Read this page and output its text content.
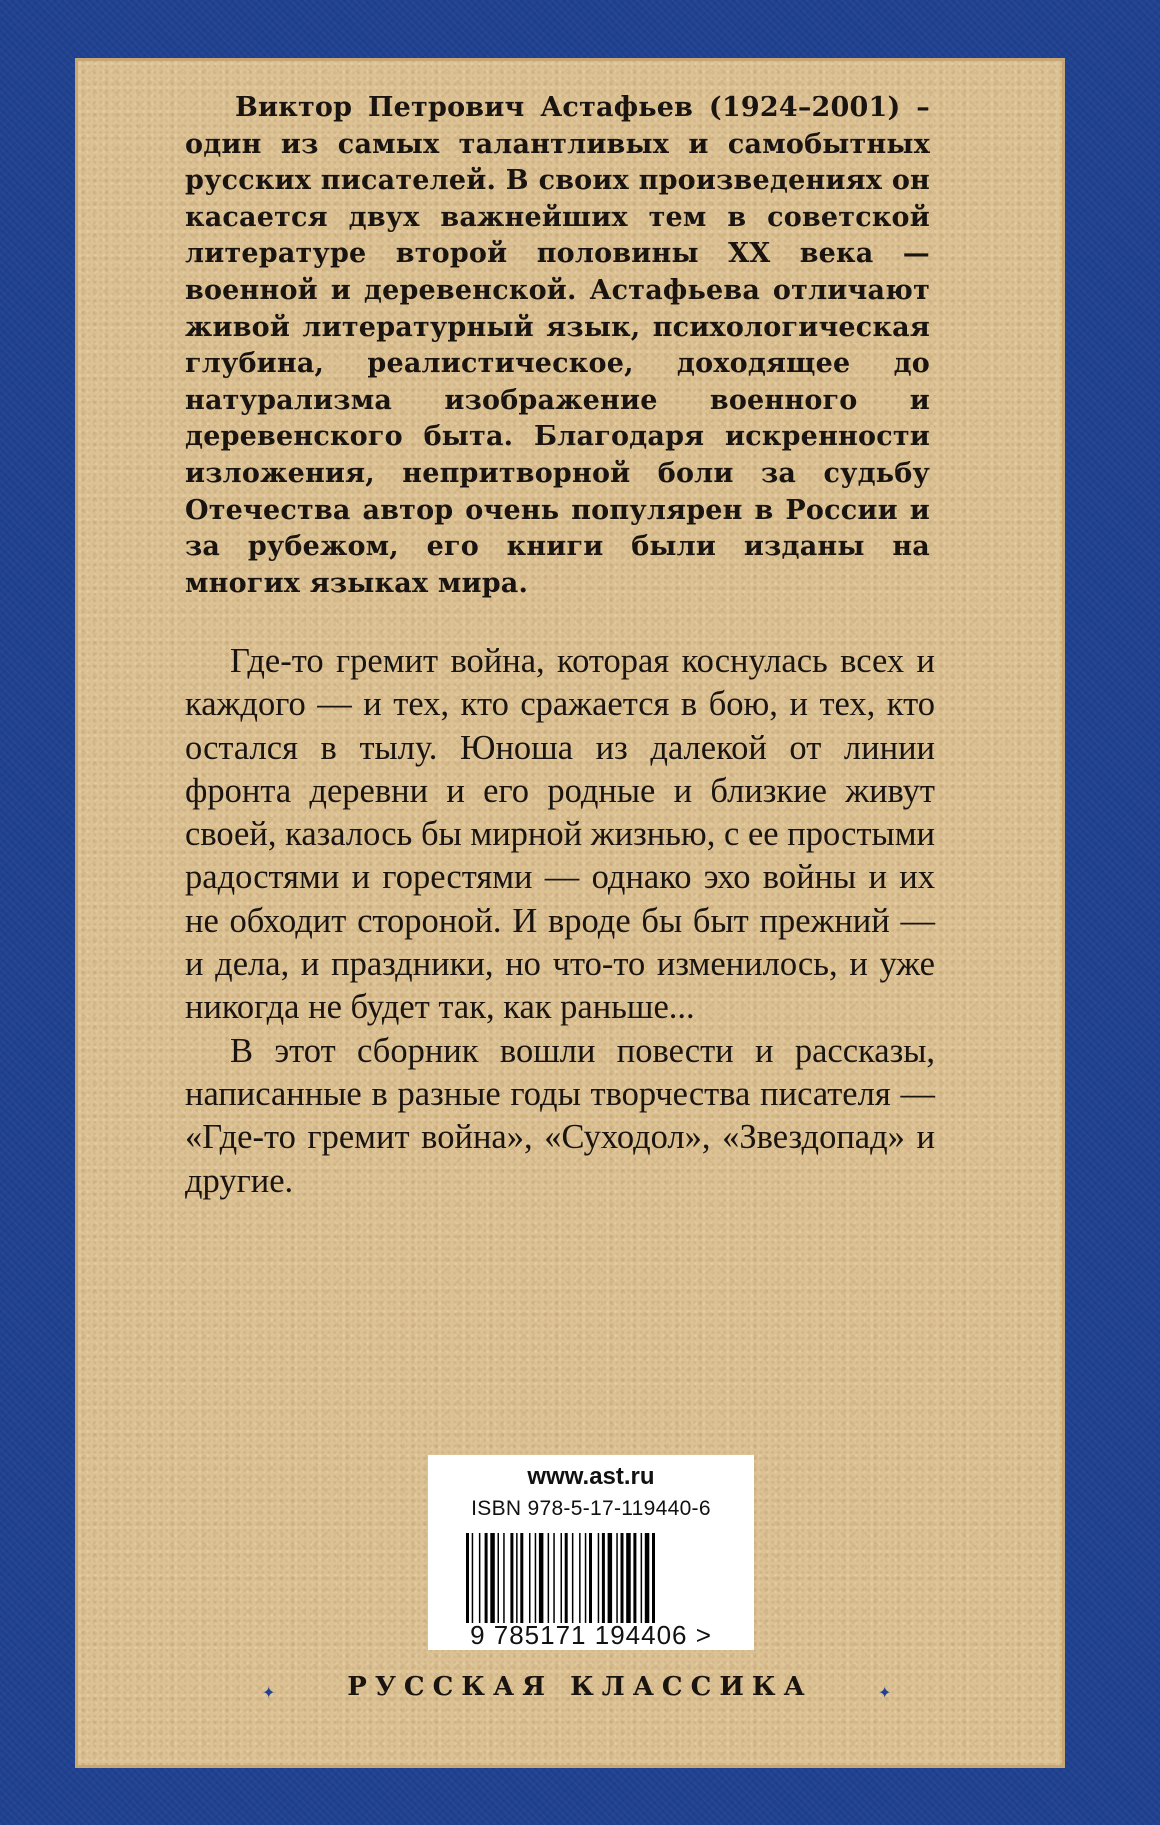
Виктор Петрович Астафьев (1924–2001) – один из самых талантливых и самобытных русских писателей. В своих произведениях он касается двух важнейших тем в советской литературе второй половины XX века — военной и деревенской. Астафьева отличают живой литературный язык, психологическая глубина, реалистическое, доходящее до натурализма изображение военного и деревенского быта. Благодаря искренности изложения, непритворной боли за судьбу Отечества автор очень популярен в России и за рубежом, его книги были изданы на многих языках мира.

Где-то гремит война, которая коснулась всех и каждого — и тех, кто сражается в бою, и тех, кто остался в тылу. Юноша из далекой от линии фронта деревни и его родные и близкие живут своей, казалось бы мирной жизнью, с ее простыми радостями и горестями — однако эхо войны и их не обходит стороной. И вроде бы быт прежний — и дела, и праздники, но что-то изменилось, и уже никогда не будет так, как раньше...

В этот сборник вошли повести и рассказы, написанные в разные годы творчества писателя — «Где-то гремит война», «Суходол», «Звездопад» и другие.

www.ast.ru
ISBN 978-5-17-119440-6
9 785171 194406 >
✦	РУССКАЯ КЛАССИКА	✦
